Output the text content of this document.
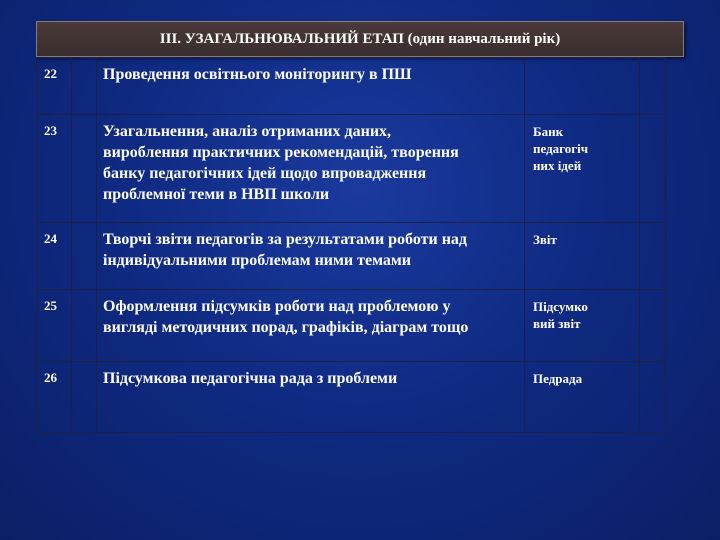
ІІІ. УЗАГАЛЬНЮВАЛЬНИЙ ЕТАП (один навчальний рік)
22		Проведення освітнього моніторингу в ПШ		

23		Узагальнення, аналіз отриманих даних,
вироблення практичних рекомендацій, творення
банку педагогічних ідей щодо впровадження
проблемної теми в НВП школи	Банк
педагогіч
них ідей	

24		Творчі звіти педагогів за результатами роботи над
індивідуальними проблемам ними темами	Звіт	

25		Оформлення підсумків роботи над проблемою у
вигляді методичних порад, графіків, діаграм тощо	Підсумко
вий звіт	

26		Підсумкова педагогічна рада з проблеми	Педрада	
